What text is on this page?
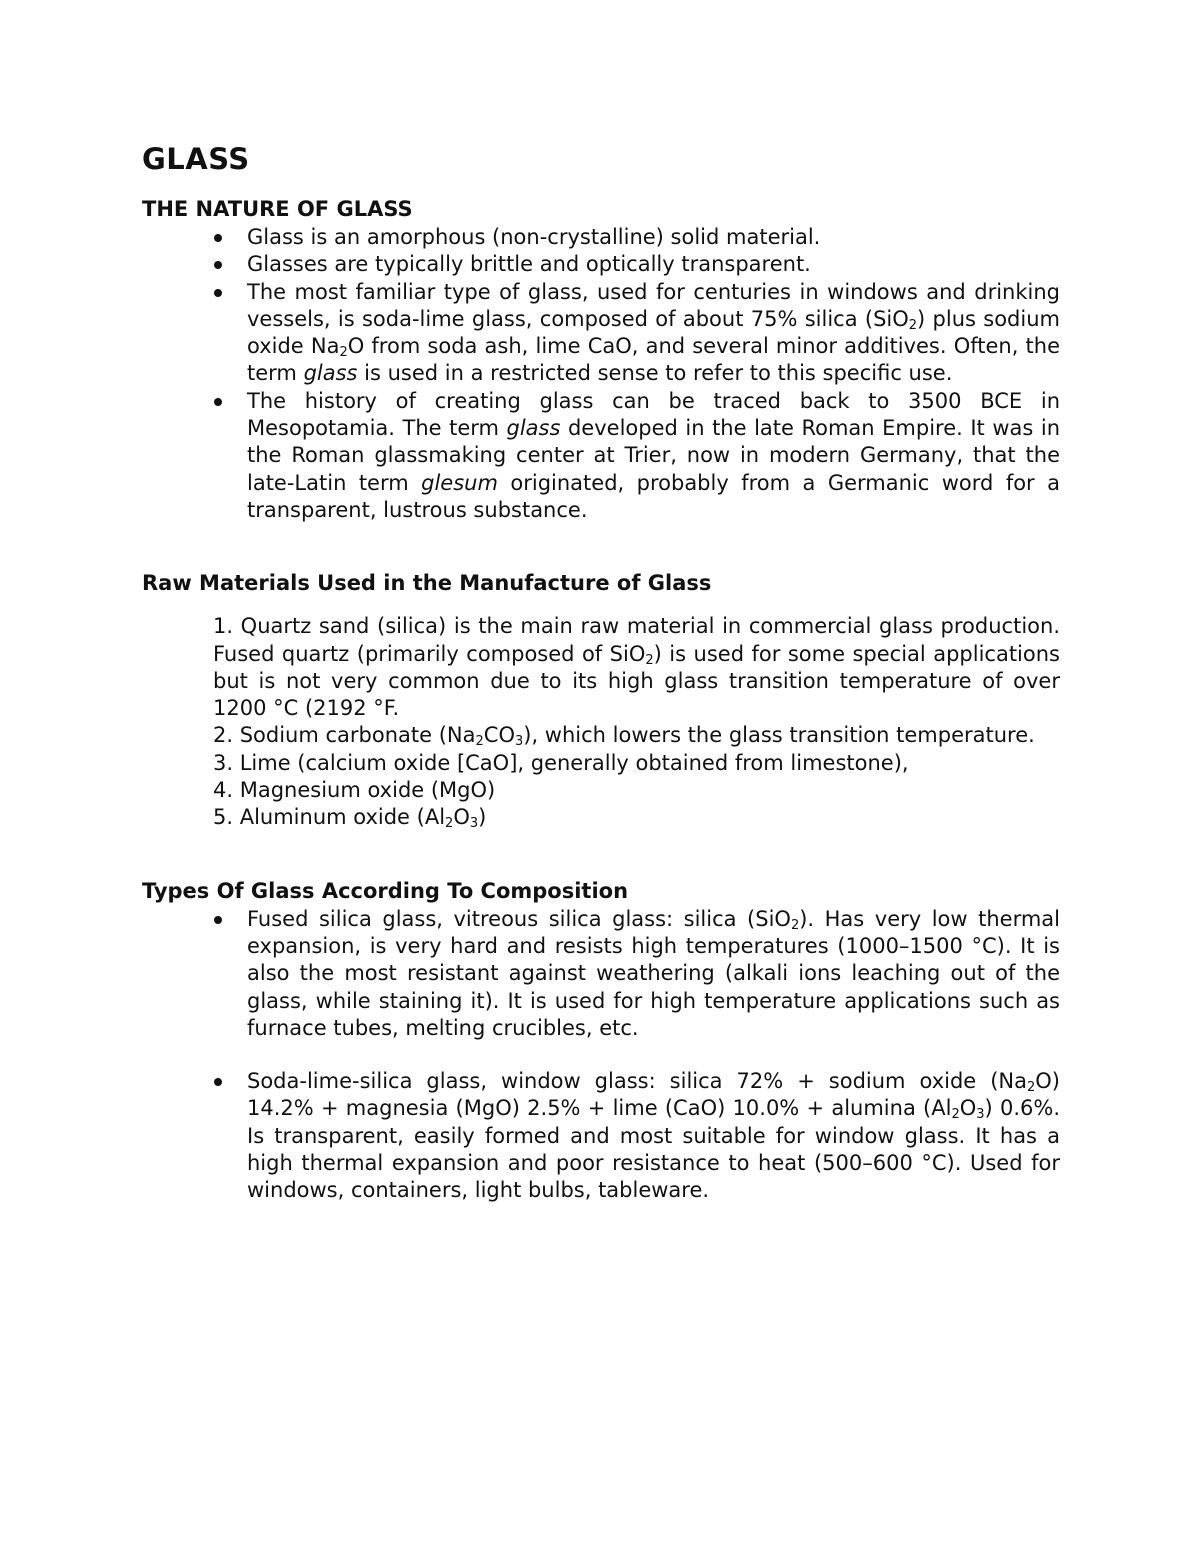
GLASS
THE NATURE OF GLASS
Glass is an amorphous (non-crystalline) solid material.
Glasses are typically brittle and optically transparent.
The most familiar type of glass, used for centuries in windows and drinking vessels, is soda-lime glass, composed of about 75% silica (SiO$_2$) plus sodium oxide $Na_2O$ from soda ash, lime CaO, and several minor additives. Often, the term glass is used in a restricted sense to refer to this specific use.
The history of creating glass can be traced back to 3500 BCE in Mesopotamia. The term glass developed in the late Roman Empire. It was in the Roman glassmaking center at Trier, now in modern Germany, that the late-Latin term glesum originated, probably from a Germanic word for a transparent, lustrous substance.
Raw Materials Used in the Manufacture of Glass
1. Quartz sand (silica) is the main raw material in commercial glass production. Fused quartz (primarily composed of SiO$_2$) is used for some special applications but is not very common due to its high glass transition temperature of over 1200 °C (2192 °F.
2. Sodium carbonate $(Na_2CO_3)$, which lowers the glass transition temperature.
3. Lime (calcium oxide [CaO], generally obtained from limestone),
4. Magnesium oxide (MgO)
5. Aluminum oxide $(Al_2O_3)$
Types Of Glass According To Composition
Fused silica glass, vitreous silica glass: silica (SiO$_2$). Has very low thermal expansion, is very hard and resists high temperatures (1000–1500 °C). It is also the most resistant against weathering (alkali ions leaching out of the glass, while staining it). It is used for high temperature applications such as furnace tubes, melting crucibles, etc.
Soda-lime-silica glass, window glass: silica 72% + sodium oxide $(Na_2O) 14.2\%$ + magnesia (MgO) 2.5% + lime (CaO) 10.0% + alumina $(Al_2O_3)$ 0.6%. Is transparent, easily formed and most suitable for window glass. It has a high thermal expansion and poor resistance to heat (500–600 °C). Used for windows, containers, light bulbs, tableware.
